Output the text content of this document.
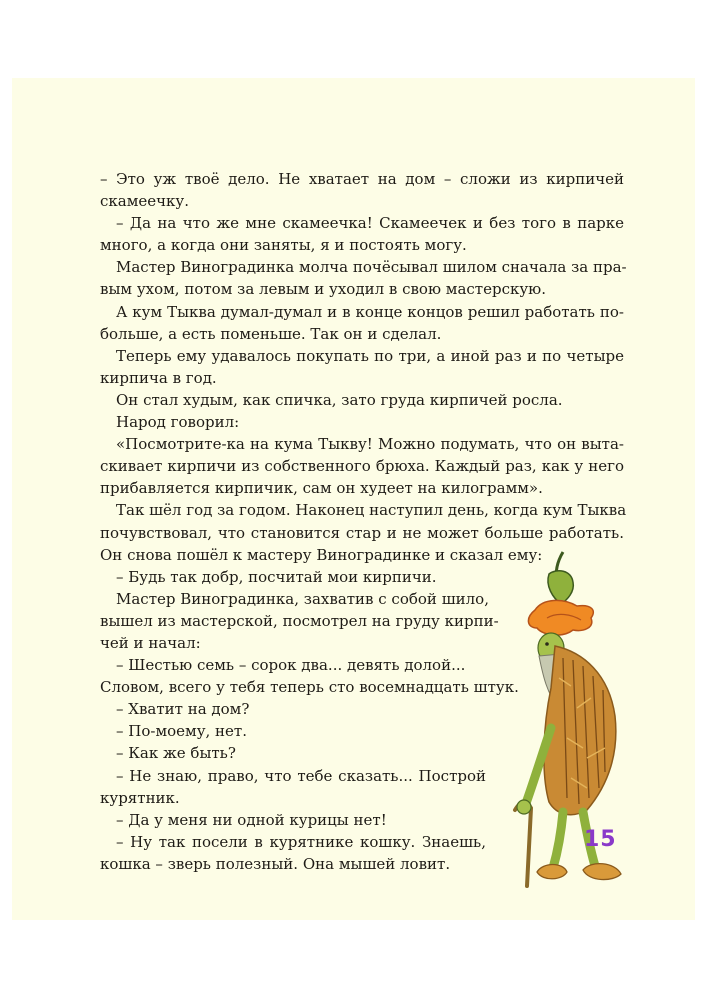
– Это уж твоё дело. Не хватает на дом – сложи из кирпичей
скамеечку.
– Да на что же мне скамеечка! Скамеечек и без того в парке
много, а когда они заняты, я и постоять могу.
Мастер Виноградинка молча почёсывал шилом сначала за пра-
вым ухом, потом за левым и уходил в свою мастерскую.
А кум Тыква думал-думал и в конце концов решил работать по-
больше, а есть поменьше. Так он и сделал.
Теперь ему удавалось покупать по три, а иной раз и по четыре
кирпича в год.
Он стал худым, как спичка, зато груда кирпичей росла.
Народ говорил:
«Посмотрите-ка на кума Тыкву! Можно подумать, что он выта-
скивает кирпичи из собственного брюха. Каждый раз, как у него
прибавляется кирпичик, сам он худеет на килограмм».
Так шёл год за годом. Наконец наступил день, когда кум Тыква
почувствовал, что становится стар и не может больше работать.
Он снова пошёл к мастеру Виноградинке и сказал ему:
– Будь так добр, посчитай мои кирпичи.
Мастер Виноградинка, захватив с собой шило,
вышел из мастерской, посмотрел на груду кирпи-
чей и начал:
– Шестью семь – сорок два... девять долой...
Словом, всего у тебя теперь сто восемнадцать штук.
– Хватит на дом?
– По-моему, нет.
– Как же быть?
– Не знаю, право, что тебе сказать... Построй
курятник.
– Да у меня ни одной курицы нет!
– Ну так посели в курятнике кошку. Знаешь,
кошка – зверь полезный. Она мышей ловит.
15
